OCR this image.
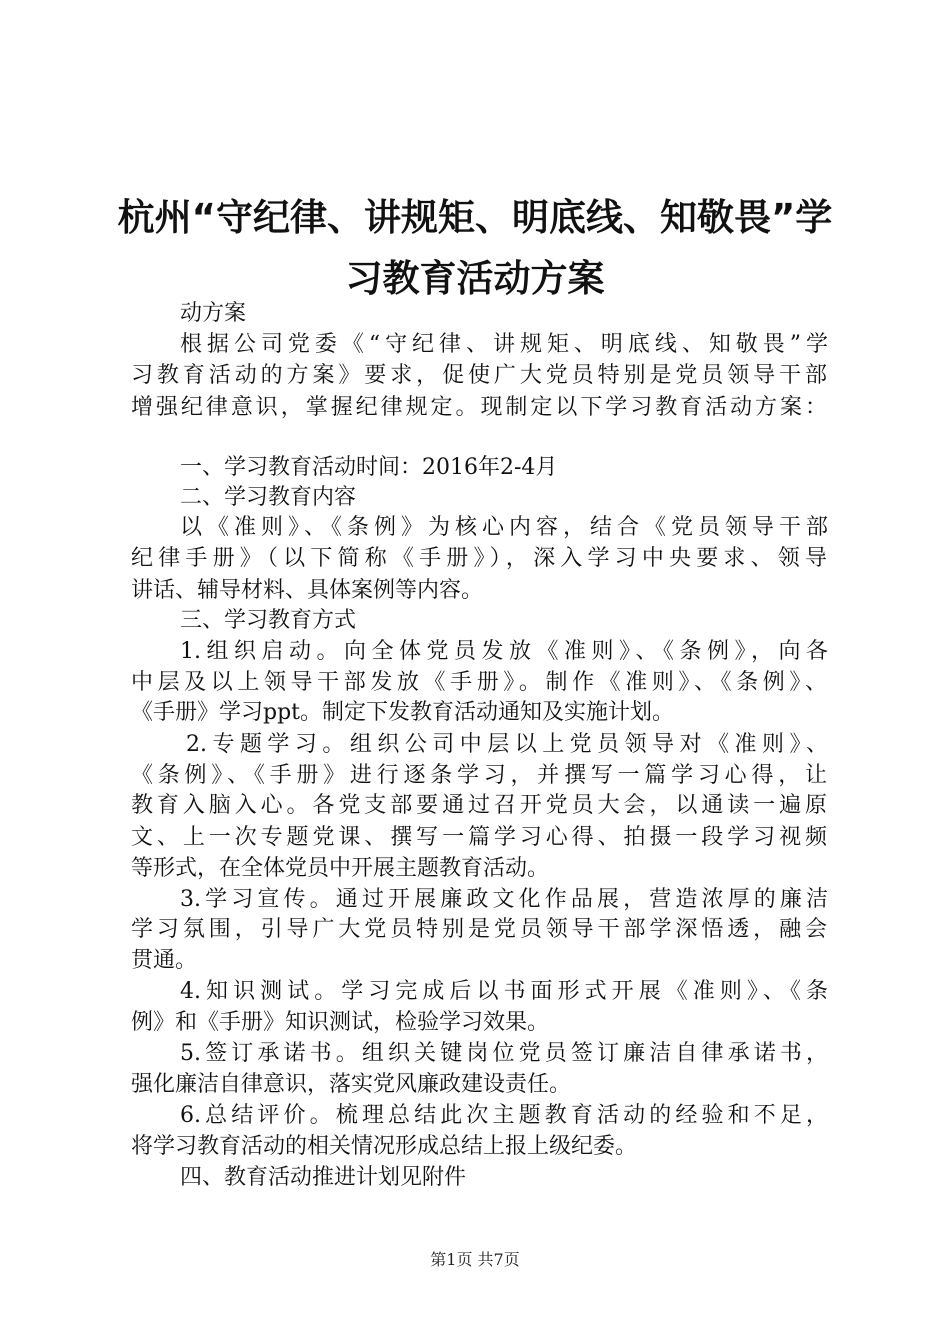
杭州“守纪律、讲规矩、明底线、知敬畏”学
习教育活动方案
动方案
根据公司党委《“守纪律、讲规矩、明底线、知敬畏”学
习教育活动的方案》要求，促使广大党员特别是党员领导干部
增强纪律意识，掌握纪律规定。现制定以下学习教育活动方案：
一、学习教育活动时间：2016年2-4月
二、学习教育内容
以《准则》、《条例》为核心内容，结合《党员领导干部
纪律手册》（以下简称《手册》），深入学习中央要求、领导
讲话、辅导材料、具体案例等内容。
三、学习教育方式
1.组织启动。向全体党员发放《准则》、《条例》，向各
中层及以上领导干部发放《手册》。制作《准则》、《条例》、
《手册》学习ppt。制定下发教育活动通知及实施计划。
2.专题学习。组织公司中层以上党员领导对《准则》、
《条例》、《手册》进行逐条学习，并撰写一篇学习心得，让
教育入脑入心。各党支部要通过召开党员大会，以通读一遍原
文、上一次专题党课、撰写一篇学习心得、拍摄一段学习视频
等形式，在全体党员中开展主题教育活动。
3.学习宣传。通过开展廉政文化作品展，营造浓厚的廉洁
学习氛围，引导广大党员特别是党员领导干部学深悟透，融会
贯通。
4.知识测试。学习完成后以书面形式开展《准则》、《条
例》和《手册》知识测试，检验学习效果。
5.签订承诺书。组织关键岗位党员签订廉洁自律承诺书，
强化廉洁自律意识，落实党风廉政建设责任。
6.总结评价。梳理总结此次主题教育活动的经验和不足，
将学习教育活动的相关情况形成总结上报上级纪委。
四、教育活动推进计划见附件
第1页 共7页
